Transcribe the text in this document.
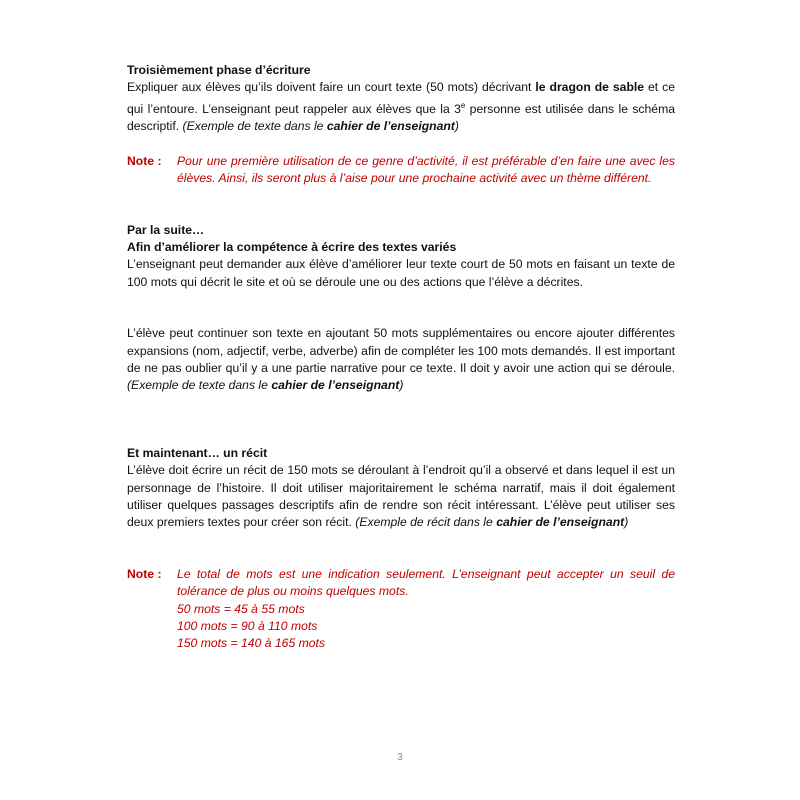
Troisièmement phase d’écriture

Expliquer aux élèves qu’ils doivent faire un court texte (50 mots) décrivant le dragon de sable et ce qui l’entoure. L’enseignant peut rappeler aux élèves que la 3e personne est utilisée dans le schéma descriptif. (Exemple de texte dans le cahier de l’enseignant)

Note :	Pour une première utilisation de ce genre d’activité, il est préférable d’en faire une avec les élèves. Ainsi, ils seront plus à l’aise pour une prochaine activité avec un thème différent.

Par la suite…

Afin d’améliorer la compétence à écrire des textes variés

L’enseignant peut demander aux élève d’améliorer leur texte court de 50 mots en faisant un texte de 100 mots qui décrit le site et où se déroule une ou des actions que l’élève a décrites.

L’élève peut continuer son texte en ajoutant 50 mots supplémentaires ou encore ajouter différentes expansions (nom, adjectif, verbe, adverbe) afin de compléter les 100 mots demandés. Il est important de ne pas oublier qu’il y a une partie narrative pour ce texte. Il doit y avoir une action qui se déroule. (Exemple de texte dans le cahier de l’enseignant)

Et maintenant… un récit

L’élève doit écrire un récit de 150 mots se déroulant à l’endroit qu’il a observé et dans lequel il est un personnage de l’histoire. Il doit utiliser majoritairement le schéma narratif, mais il doit également utiliser quelques passages descriptifs afin de rendre son récit intéressant. L’élève peut utiliser ses deux premiers textes pour créer son récit. (Exemple de récit dans le cahier de l’enseignant)

Note :	Le total de mots est une indication seulement. L’enseignant peut accepter un seuil de tolérance de plus ou moins quelques mots.

50 mots = 45 à 55 mots

100 mots = 90 à 110 mots

150 mots = 140 à 165 mots

3
